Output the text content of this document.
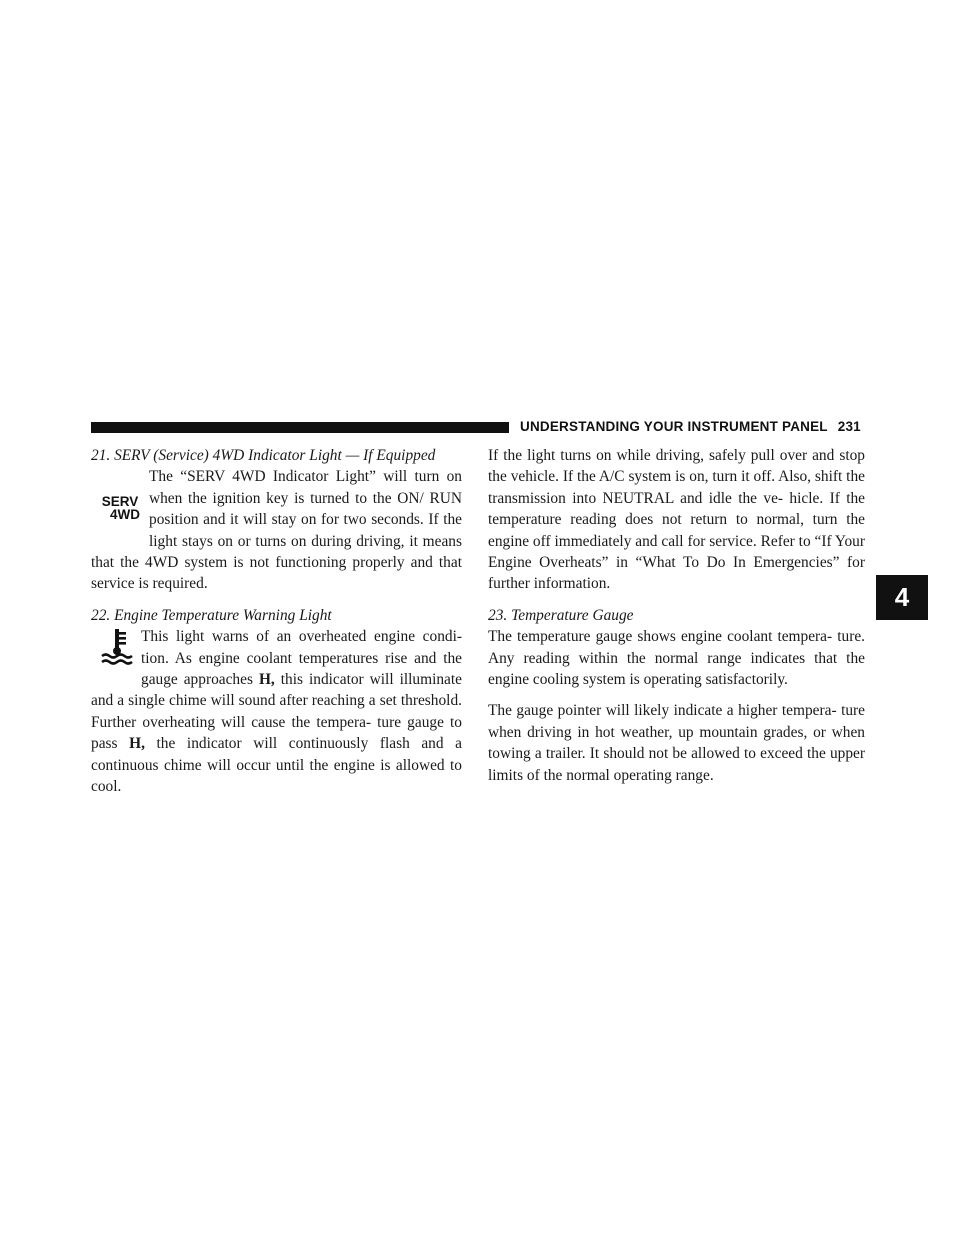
UNDERSTANDING YOUR INSTRUMENT PANEL 231

21. SERV (Service) 4WD Indicator Light — If Equipped

SERV
4WD

The “SERV 4WD Indicator Light” will turn on when the ignition key is turned to the ON/ RUN position and it will stay on for two seconds. If the light stays on or turns on during driving, it means that the 4WD system is not functioning properly and that service is required.

22. Engine Temperature Warning Light

This light warns of an overheated engine condi- tion. As engine coolant temperatures rise and the gauge approaches H, this indicator will illuminate and a single chime will sound after reaching a set threshold. Further overheating will cause the tempera- ture gauge to pass H, the indicator will continuously flash and a continuous chime will occur until the engine is allowed to cool.

If the light turns on while driving, safely pull over and stop the vehicle. If the A/C system is on, turn it off. Also, shift the transmission into NEUTRAL and idle the ve- hicle. If the temperature reading does not return to normal, turn the engine off immediately and call for service. Refer to “If Your Engine Overheats” in “What To Do In Emergencies” for further information.

23. Temperature Gauge

The temperature gauge shows engine coolant tempera- ture. Any reading within the normal range indicates that the engine cooling system is operating satisfactorily.

The gauge pointer will likely indicate a higher tempera- ture when driving in hot weather, up mountain grades, or when towing a trailer. It should not be allowed to exceed the upper limits of the normal operating range.

4
